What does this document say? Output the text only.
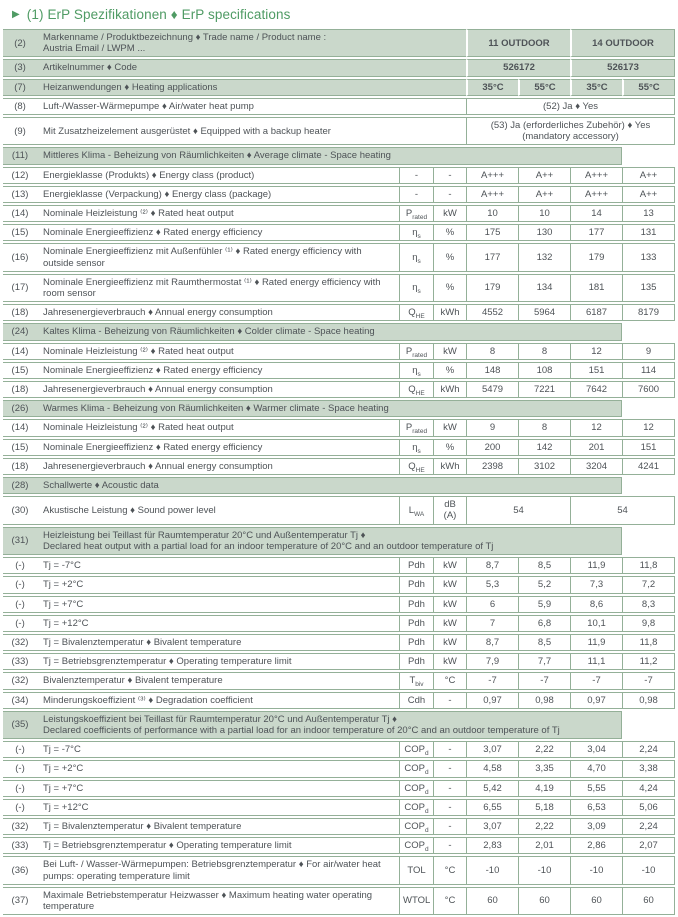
▶ (1) ErP Spezifikationen ♦ ErP specifications
(2)	Markenname / Produktbezeichnung ♦ Trade name / Product name :
Austria Email / LWPM ...			11 OUTDOOR		14 OUTDOOR	
(3)	Artikelnummer ♦ Code			526172		526173	
(7)	Heizanwendungen ♦ Heating applications			35°C	55°C	35°C	55°C
(8)	Luft-/Wasser-Wärmepumpe ♦ Air/water heat pump			(52) Ja ♦ Yes			
(9)	Mit Zusatzheizelement ausgerüstet ♦ Equipped with a backup heater			(53) Ja (erforderliches Zubehör) ♦ Yes (mandatory accessory)			
(11)	Mittleres Klima - Beheizung von Räumlichkeiten ♦ Average climate - Space heating						
(12)	Energieklasse (Produkts) ♦ Energy class (product)	-	-	A+++	A++	A+++	A++
(13)	Energieklasse (Verpackung) ♦ Energy class (package)	-	-	A+++	A++	A+++	A++
(14)	Nominale Heizleistung ⁽²⁾ ♦ Rated heat output	$P_{rated}$	kW	10	10	14	13
(15)	Nominale Energieeffizienz ♦ Rated energy efficiency	$\eta_s$	%	175	130	177	131
(16)	Nominale Energieeffizienz mit Außenfühler ⁽¹⁾ ♦ Rated energy efficiency with outside sensor	$\eta_s$	%	177	132	179	133
(17)	Nominale Energieeffizienz mit Raumthermostat ⁽¹⁾ ♦ Rated energy efficiency with room sensor	$\eta_s$	%	179	134	181	135
(18)	Jahresenergieverbrauch ♦ Annual energy consumption	$Q_{HE}$	kWh	4552	5964	6187	8179
(24)	Kaltes Klima - Beheizung von Räumlichkeiten ♦ Colder climate - Space heating						
(14)	Nominale Heizleistung ⁽²⁾ ♦ Rated heat output	$P_{rated}$	kW	8	8	12	9
(15)	Nominale Energieeffizienz ♦ Rated energy efficiency	$\eta_s$	%	148	108	151	114
(18)	Jahresenergieverbrauch ♦ Annual energy consumption	$Q_{HE}$	kWh	5479	7221	7642	7600
(26)	Warmes Klima - Beheizung von Räumlichkeiten ♦ Warmer climate - Space heating						
(14)	Nominale Heizleistung ⁽²⁾ ♦ Rated heat output	$P_{rated}$	kW	9	8	12	12
(15)	Nominale Energieeffizienz ♦ Rated energy efficiency	$\eta_s$	%	200	142	201	151
(18)	Jahresenergieverbrauch ♦ Annual energy consumption	$Q_{HE}$	kWh	2398	3102	3204	4241
(28)	Schallwerte ♦ Acoustic data						
(30)	Akustische Leistung ♦ Sound power level	$L_{WA}$	dB (A)	54		54	
(31)	Heizleistung bei Teillast für Raumtemperatur 20°C und Außentemperatur Tj ♦
Declared heat output with a partial load for an indoor temperature of 20°C and an outdoor temperature of Tj						

(-)	Tj = -7°C	Pdh	kW	8,7	8,5	11,9	11,8
(-)	Tj = +2°C	Pdh	kW	5,3	5,2	7,3	7,2
(-)	Tj = +7°C	Pdh	kW	6	5,9	8,6	8,3
(-)	Tj = +12°C	Pdh	kW	7	6,8	10,1	9,8
(32)	Tj = Bivalenztemperatur ♦ Bivalent temperature	Pdh	kW	8,7	8,5	11,9	11,8
(33)	Tj = Betriebsgrenztemperatur ♦ Operating temperature limit	Pdh	kW	7,9	7,7	11,1	11,2
(32)	Bivalenztemperatur ♦ Bivalent temperature	$T_{biv}$	°C	-7	-7	-7	-7
(34)	Minderungskoeffizient ⁽³⁾ ♦ Degradation coefficient	Cdh	-	0,97	0,98	0,97	0,98
(35)	Leistungskoeffizient bei Teillast für Raumtemperatur 20°C und Außentemperatur Tj ♦
Declared coefficients of performance with a partial load for an indoor temperature of 20°C and an outdoor temperature of Tj						

(-)	Tj = -7°C	$COP_d$	-	3,07	2,22	3,04	2,24
(-)	Tj = +2°C	$COP_d$	-	4,58	3,35	4,70	3,38
(-)	Tj = +7°C	$COP_d$	-	5,42	4,19	5,55	4,24
(-)	Tj = +12°C	$COP_d$	-	6,55	5,18	6,53	5,06
(32)	Tj = Bivalenztemperatur ♦ Bivalent temperature	$COP_d$	-	3,07	2,22	3,09	2,24
(33)	Tj = Betriebsgrenztemperatur ♦ Operating temperature limit	$COP_d$	-	2,83	2,01	2,86	2,07
(36)	Bei Luft- / Wasser-Wärmepumpen: Betriebsgrenztemperatur ♦ For air/water heat pumps: operating temperature limit	TOL	°C	-10	-10	-10	-10
(37)	Maximale Betriebstemperatur Heizwasser ♦ Maximum heating water operating temperature	WTOL	°C	60	60	60	60
